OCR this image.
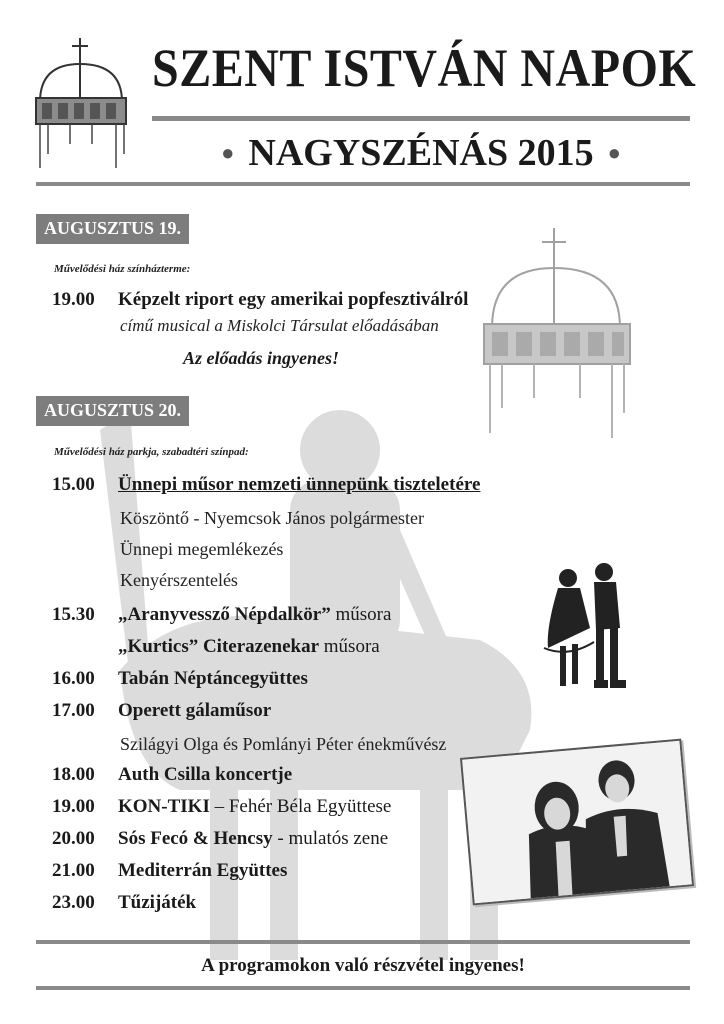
SZENT ISTVÁN NAPOK
● NAGYSZÉNÁS 2015 ●
AUGUSZTUS 19.
Művelődési ház színházterme:
19.00 Képzelt riport egy amerikai popfesztiválról
című musical a Miskolci Társulat előadásában
Az előadás ingyenes!
AUGUSZTUS 20.
Művelődési ház parkja, szabadtéri színpad:
15.00 Ünnepi műsor nemzeti ünnepünk tiszteletére
Köszöntő - Nyemcsok János polgármester
Ünnepi megemlékezés
Kenyérszentelés
15.30 „Aranyvessző Népdalkör” műsora
„Kurtics” Citerazenekar műsora
16.00 Tabán Néptáncegyüttes
17.00 Operett gálaműsor
Szilágyi Olga és Pomlányi Péter énekművész
18.00 Auth Csilla koncertje
19.00 KON-TIKI – Fehér Béla Együttese
20.00 Sós Fecó & Hencsy - mulatós zene
21.00 Mediterrán Együttes
23.00 Tűzijáték
A programokon való részvétel ingyenes!
